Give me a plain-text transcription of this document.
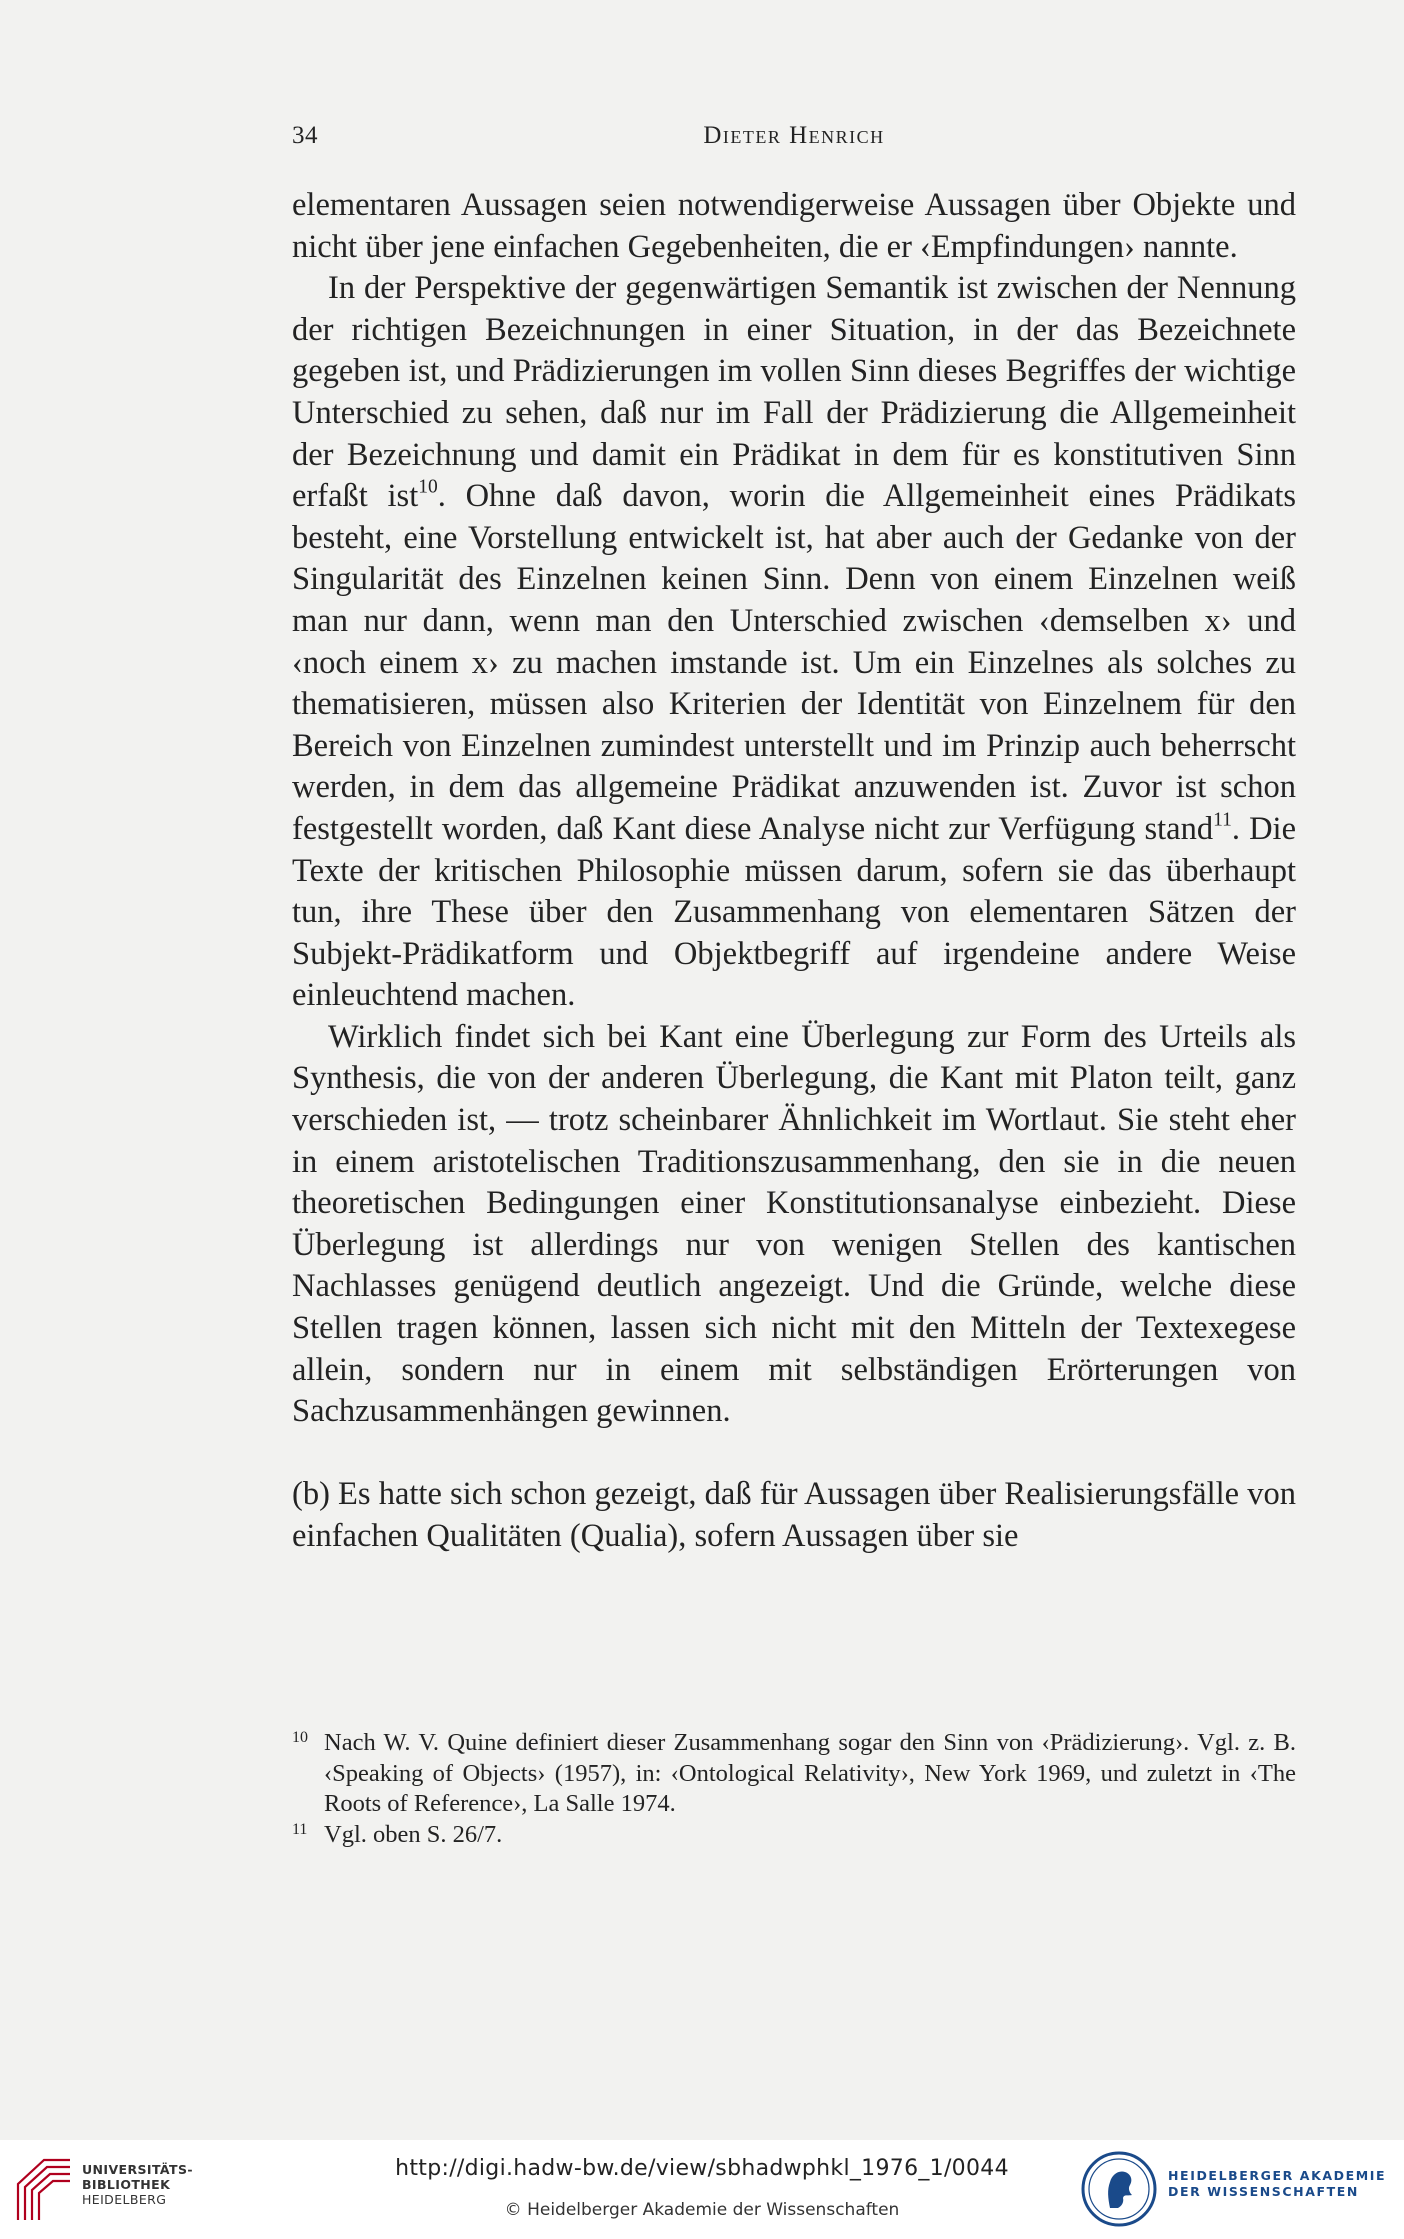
34	Dieter Henrich

elementaren Aussagen seien notwendigerweise Aussagen über Objekte und nicht über jene einfachen Gegebenheiten, die er ‹Empfindungen› nannte.

In der Perspektive der gegenwärtigen Semantik ist zwischen der Nennung der richtigen Bezeichnungen in einer Situation, in der das Bezeichnete gegeben ist, und Prädizierungen im vollen Sinn dieses Begriffes der wichtige Unterschied zu sehen, daß nur im Fall der Prädizierung die Allgemeinheit der Bezeichnung und damit ein Prädikat in dem für es konstitutiven Sinn erfaßt ist$^{10}$. Ohne daß davon, worin die Allgemeinheit eines Prädikats besteht, eine Vorstellung entwickelt ist, hat aber auch der Gedanke von der Singularität des Einzelnen keinen Sinn. Denn von einem Einzelnen weiß man nur dann, wenn man den Unterschied zwischen ‹demselben x› und ‹noch einem x› zu machen imstande ist. Um ein Einzelnes als solches zu thematisieren, müssen also Kriterien der Identität von Einzelnem für den Bereich von Einzelnen zumindest unterstellt und im Prinzip auch beherrscht werden, in dem das allgemeine Prädikat anzuwenden ist. Zuvor ist schon festgestellt worden, daß Kant diese Analyse nicht zur Verfügung stand$^{11}$. Die Texte der kritischen Philosophie müssen darum, sofern sie das überhaupt tun, ihre These über den Zusammenhang von elementaren Sätzen der Subjekt-Prädikatform und Objektbegriff auf irgendeine andere Weise einleuchtend machen.

Wirklich findet sich bei Kant eine Überlegung zur Form des Urteils als Synthesis, die von der anderen Überlegung, die Kant mit Platon teilt, ganz verschieden ist, — trotz scheinbarer Ähnlichkeit im Wortlaut. Sie steht eher in einem aristotelischen Traditionszusammenhang, den sie in die neuen theoretischen Bedingungen einer Konstitutionsanalyse einbezieht. Diese Überlegung ist allerdings nur von wenigen Stellen des kantischen Nachlasses genügend deutlich angezeigt. Und die Gründe, welche diese Stellen tragen können, lassen sich nicht mit den Mitteln der Textexegese allein, sondern nur in einem mit selbständigen Erörterungen von Sachzusammenhängen gewinnen.

(b) Es hatte sich schon gezeigt, daß für Aussagen über Realisierungsfälle von einfachen Qualitäten (Qualia), sofern Aussagen über sie

10 Nach W. V. Quine definiert dieser Zusammenhang sogar den Sinn von ‹Prädizierung›. Vgl. z. B. ‹Speaking of Objects› (1957), in: ‹Ontological Relativity›, New York 1969, und zuletzt in ‹The Roots of Reference›, La Salle 1974.

11 Vgl. oben S. 26/7.

UNIVERSITÄTS-
BIBLIOTHEK
HEIDELBERG
http://digi.hadw-bw.de/view/sbhadwphkl_1976_1/0044
© Heidelberger Akademie der Wissenschaften
HEIDELBERGER AKADEMIE
DER WISSENSCHAFTEN
